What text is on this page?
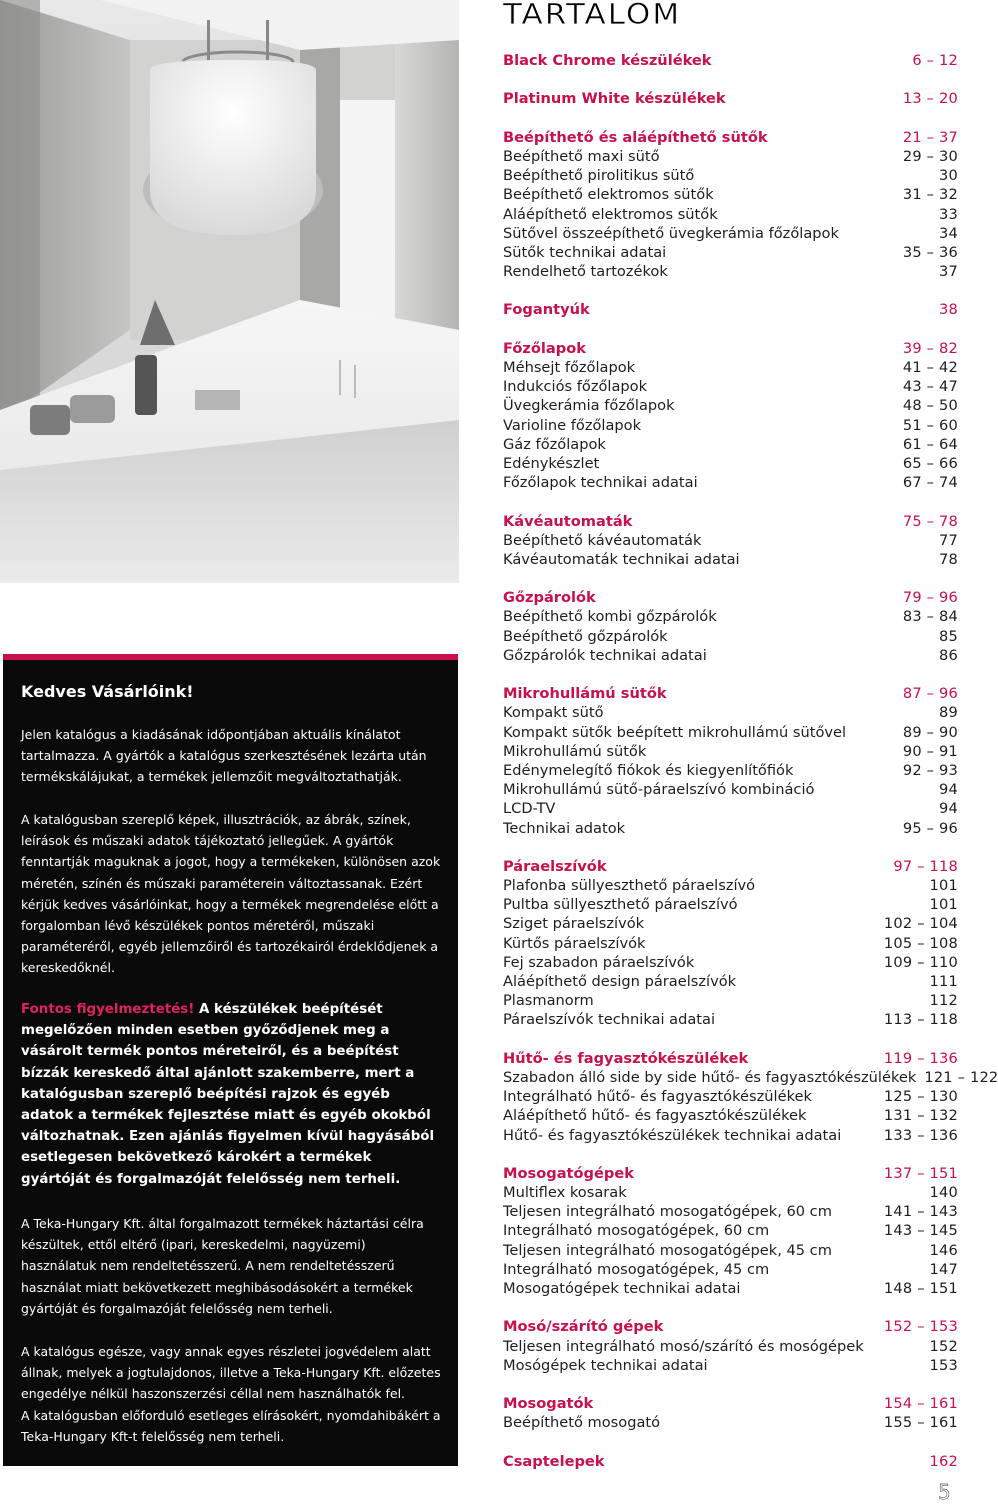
Kedves Vásárlóink!

Jelen katalógus a kiadásának időpontjában aktuális kínálatot tartalmazza. A gyártók a katalógus szerkesztésének lezárta után termékskálájukat, a termékek jellemzőit megváltoztathatják.

A katalógusban szereplő képek, illusztrációk, az ábrák, színek, leírások és műszaki adatok tájékoztató jellegűek. A gyártók fenntartják maguknak a jogot, hogy a termékeken, különösen azok méretén, színén és műszaki paraméterein változtassanak. Ezért kérjük kedves vásárlóinkat, hogy a termékek megrendelése előtt a forgalomban lévő készülékek pontos méretéről, műszaki paraméteréről, egyéb jellemzőiről és tartozékairól érdeklődjenek a kereskedőknél.

Fontos figyelmeztetés! A készülékek beépítését megelőzően minden esetben győződjenek meg a vásárolt termék pontos méreteiről, és a beépítést bízzák kereskedő által ajánlott szakemberre, mert a katalógusban szereplő beépítési rajzok és egyéb adatok a termékek fejlesztése miatt és egyéb okokból változhatnak. Ezen ajánlás figyelmen kívül hagyásából esetlegesen bekövetkező károkért a termékek gyártóját és forgalmazóját felelősség nem terheli.

A Teka-Hungary Kft. által forgalmazott termékek háztartási célra készültek, ettől eltérő (ipari, kereskedelmi, nagyüzemi) használatuk nem rendeltetésszerű. A nem rendeltetésszerű használat miatt bekövetkezett meghibásodásokért a termékek gyártóját és forgalmazóját felelősség nem terheli.

A katalógus egésze, vagy annak egyes részletei jogvédelem alatt állnak, melyek a jogtulajdonos, illetve a Teka-Hungary Kft. előzetes engedélye nélkül haszonszerzési céllal nem használhatók fel.

A katalógusban előforduló esetleges elírásokért, nyomdahibákért a Teka-Hungary Kft-t felelősség nem terheli.

TARTALOM
Black Chrome készülékek	6 – 12
Platinum White készülékek	13 – 20
Beépíthető és aláépíthető sütők	21 – 37
Beépíthető maxi sütő	29 – 30
Beépíthető pirolitikus sütő	30
Beépíthető elektromos sütők	31 – 32
Aláépíthető elektromos sütők	33
Sütővel összeépíthető üvegkerámia főzőlapok	34
Sütők technikai adatai	35 – 36
Rendelhető tartozékok	37
Fogantyúk	38
Főzőlapok	39 – 82
Méhsejt főzőlapok	41 – 42
Indukciós főzőlapok	43 – 47
Üvegkerámia főzőlapok	48 – 50
Varioline főzőlapok	51 – 60
Gáz főzőlapok	61 – 64
Edénykészlet	65 – 66
Főzőlapok technikai adatai	67 – 74
Kávéautomaták	75 – 78
Beépíthető kávéautomaták	77
Kávéautomaták technikai adatai	78
Gőzpárolók	79 – 96
Beépíthető kombi gőzpárolók	83 – 84
Beépíthető gőzpárolók	85
Gőzpárolók technikai adatai	86
Mikrohullámú sütők	87 – 96
Kompakt sütő	89
Kompakt sütők beépített mikrohullámú sütővel	89 – 90
Mikrohullámú sütők	90 – 91
Edénymelegítő fiókok és kiegyenlítőfiók	92 – 93
Mikrohullámú sütő-páraelszívó kombináció	94
LCD-TV	94
Technikai adatok	95 – 96
Páraelszívók	97 – 118
Plafonba süllyeszthető páraelszívó	101
Pultba süllyeszthető páraelszívó	101
Sziget páraelszívók	102 – 104
Kürtős páraelszívók	105 – 108
Fej szabadon páraelszívók	109 – 110
Aláépíthető design páraelszívók	111
Plasmanorm	112
Páraelszívók technikai adatai	113 – 118
Hűtő- és fagyasztókészülékek	119 – 136
Szabadon álló side by side hűtő- és fagyasztókészülékek 121 – 122
Integrálható hűtő- és fagyasztókészülékek	125 – 130
Aláépíthető hűtő- és fagyasztókészülékek	131 – 132
Hűtő- és fagyasztókészülékek technikai adatai	133 – 136
Mosogatógépek	137 – 151
Multiflex kosarak	140
Teljesen integrálható mosogatógépek, 60 cm	141 – 143
Integrálható mosogatógépek, 60 cm	143 – 145
Teljesen integrálható mosogatógépek, 45 cm	146
Integrálható mosogatógépek, 45 cm	147
Mosogatógépek technikai adatai	148 – 151
Mosó/szárító gépek	152 – 153
Teljesen integrálható mosó/szárító és mosógépek	152
Mosógépek technikai adatai	153
Mosogatók	154 – 161
Beépíthető mosogató	155 – 161
Csaptelepek	162
5
